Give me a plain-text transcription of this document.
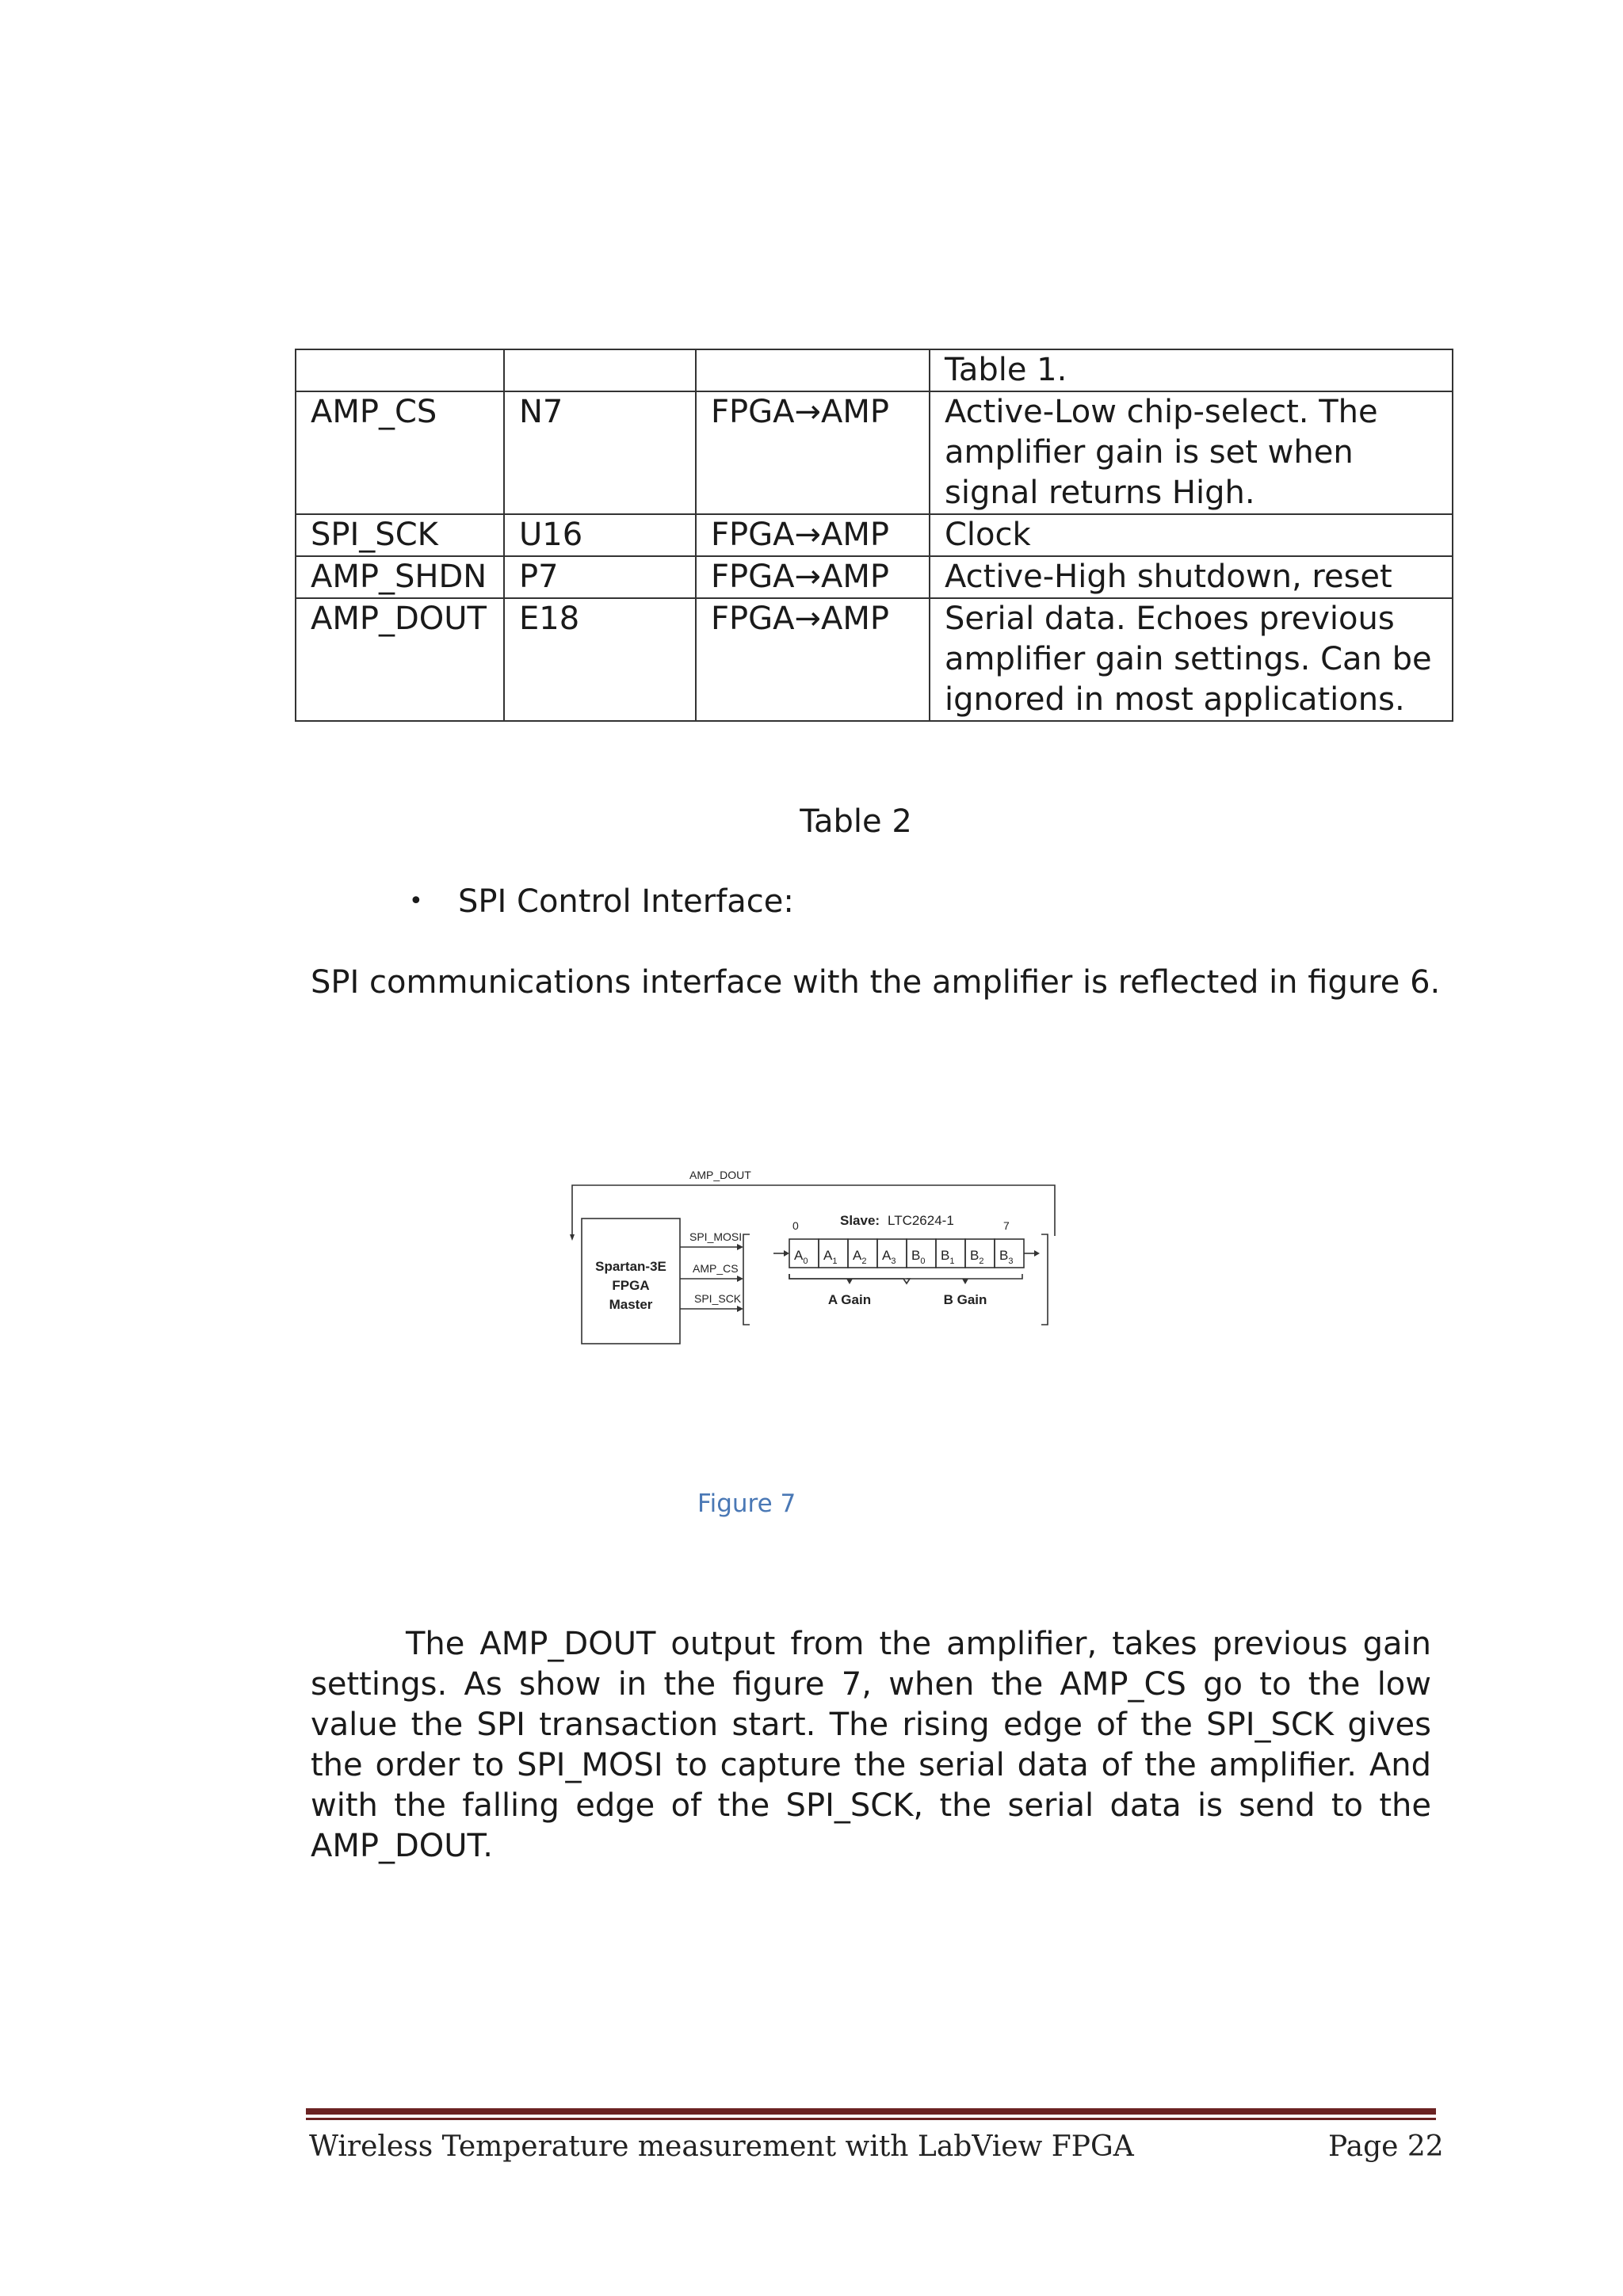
			Table 1.
AMP_CS	N7	FPGA→AMP	Active-Low chip-select. The amplifier gain is set when signal returns High.
SPI_SCK	U16	FPGA→AMP	Clock
AMP_SHDN	P7	FPGA→AMP	Active-High shutdown, reset
AMP_DOUT	E18	FPGA→AMP	Serial data. Echoes previous amplifier gain settings. Can be ignored in most applications.
Table 2
• SPI Control Interface:
SPI communications interface with the amplifier is reflected in figure 6.
AMP_DOUT
Spartan-3E
FPGA
Master
SPI_MOSI
AMP_CS
SPI_SCK
Slave: LTC2624-1
0	7
$A_0$ $A_1$ $A_2$ $A_3$ $B_0$ $B_1$ $B_2$ $B_3$
A Gain	B Gain
Figure 7
The AMP_DOUT output from the amplifier, takes previous gain settings. As show in the figure 7, when the AMP_CS go to the low value the SPI transaction start. The rising edge of the SPI_SCK gives the order to SPI_MOSI to capture the serial data of the amplifier. And with the falling edge of the SPI_SCK, the serial data is send to the AMP_DOUT.
Wireless Temperature measurement with LabView FPGA	Page 22
